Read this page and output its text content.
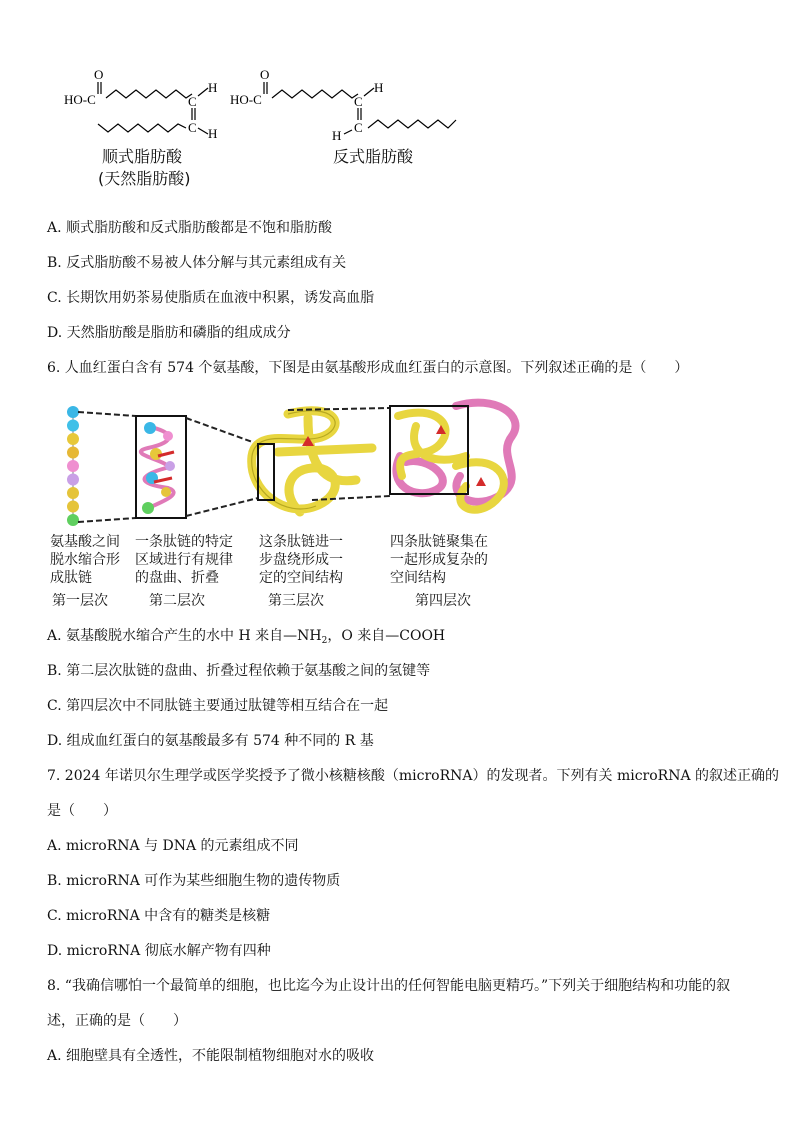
O
HO-C	C
H
C H
O
HO-C	C
H
C
H
顺式脂肪酸
(天然脂肪酸)
反式脂肪酸
A. 顺式脂肪酸和反式脂肪酸都是不饱和脂肪酸
B. 反式脂肪酸不易被人体分解与其元素组成有关
C. 长期饮用奶茶易使脂质在血液中积累，诱发高血脂
D. 天然脂肪酸是脂肪和磷脂的组成成分
6. 人血红蛋白含有 574 个氨基酸，下图是由氨基酸形成血红蛋白的示意图。下列叙述正确的是（　　）
氨基酸之间
脱水缩合形
成肽链
一条肽链的特定
区域进行有规律
的盘曲、折叠
这条肽链进一
步盘绕形成一
定的空间结构
四条肽链聚集在
一起形成复杂的
空间结构
第一层次	第二层次	第三层次	第四层次
A. 氨基酸脱水缩合产生的水中 H 来自$—NH_2$，O 来自—COOH
B. 第二层次肽链的盘曲、折叠过程依赖于氨基酸之间的氢键等
C. 第四层次中不同肽链主要通过肽键等相互结合在一起
D. 组成血红蛋白的氨基酸最多有 574 种不同的 R 基
7. 2024 年诺贝尔生理学或医学奖授予了微小核糖核酸（microRNA）的发现者。下列有关 microRNA 的叙述正确的
是（　　）
A. microRNA 与 DNA 的元素组成不同
B. microRNA 可作为某些细胞生物的遗传物质
C. microRNA 中含有的糖类是核糖
D. microRNA 彻底水解产物有四种
8. “我确信哪怕一个最简单的细胞，也比迄今为止设计出的任何智能电脑更精巧。”下列关于细胞结构和功能的叙
述，正确的是（　　）
A. 细胞壁具有全透性，不能限制植物细胞对水的吸收
